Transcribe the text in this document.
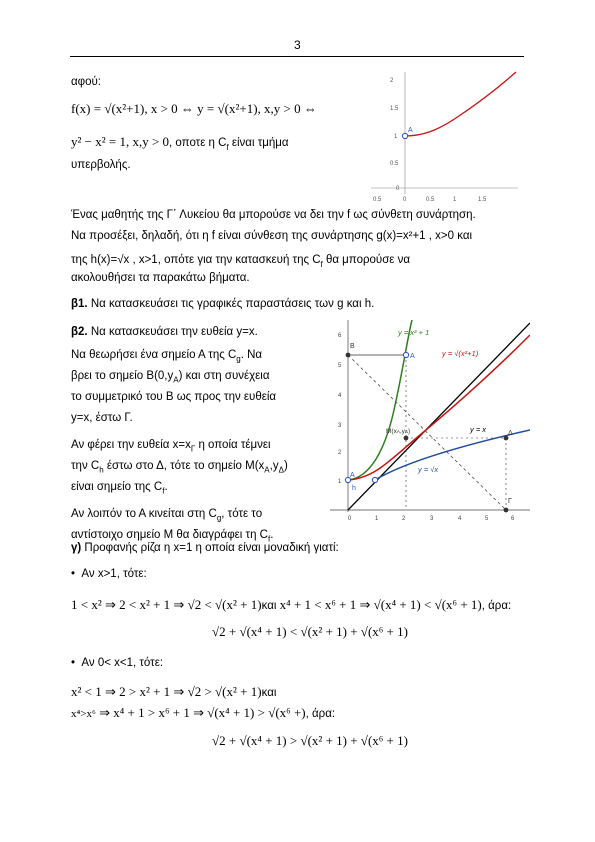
3
αφού:
f(x) = √(x²+1), x > 0 ⇔ y = √(x²+1), x,y > 0 ⇔
y² − x² = 1, x,y > 0, οποτε η $C_f$ είναι τμήμα
υπερβολής.
2
1.5
1
0.5
0
0.5	0	0.5	1	1.5
A
Ένας μαθητής της Γ΄ Λυκείου θα μπορούσε να δει την f ως σύνθετη συνάρτηση.
Να προσέξει, δηλαδή, ότι η f είναι σύνθεση της συνάρτησης g(x)=x²+1 , x>0 και
της h(x)=√x , x>1, οπότε για την κατασκευή της $C_f$ θα μπορούσε να
ακολουθήσει τα παρακάτω βήματα.
β1. Να κατασκευάσει τις γραφικές παραστάσεις των g και h.
β2. Να κατασκευάσει την ευθεία y=x.
Να θεωρήσει ένα σημείο Α της $C_g$. Να
βρει το σημείο $B(0,y_A)$ και στη συνέχεια
το συμμετρικό του Β ως προς την ευθεία
y=x, έστω Γ.
Αν φέρει την ευθεία $x=x_\Gamma$ η οποία τέμνει
την $C_h$ έστω στο Δ, τότε το σημείο $M(x_A,y_\Delta)$
είναι σημείο της $C_f$.
Αν λοιπόν το Α κινείται στη $C_g$, τότε το
αντίστοιχο σημείο Μ θα διαγράφει τη $C_f$.
6
5
4
3
2
1
0	1	2	3	4	5	6
B
A
y = x² + 1
y = √(x²+1)
y = x
y = √x
M(xA,yΔ)	Δ
Γ
A
h
γ) Προφανής ρίζα η x=1 η οποία είναι μοναδική γιατί:
• Αν x>1, τότε:
1 < x² ⇒ 2 < x² + 1 ⇒ √2 < √(x² + 1)και x⁴ + 1 < x⁶ + 1 ⇒ √(x⁴ + 1) < √(x⁶ + 1), άρα:
√2 + √(x⁴ + 1) < √(x² + 1) + √(x⁶ + 1)
• Αν 0< x<1, τότε:
x² < 1 ⇒ 2 > x² + 1 ⇒ √2 > √(x² + 1)και
x⁴>x⁶ ⇒ x⁴ + 1 > x⁶ + 1 ⇒ √(x⁴ + 1) > √(x⁶ +), άρα:
√2 + √(x⁴ + 1) > √(x² + 1) + √(x⁶ + 1)
